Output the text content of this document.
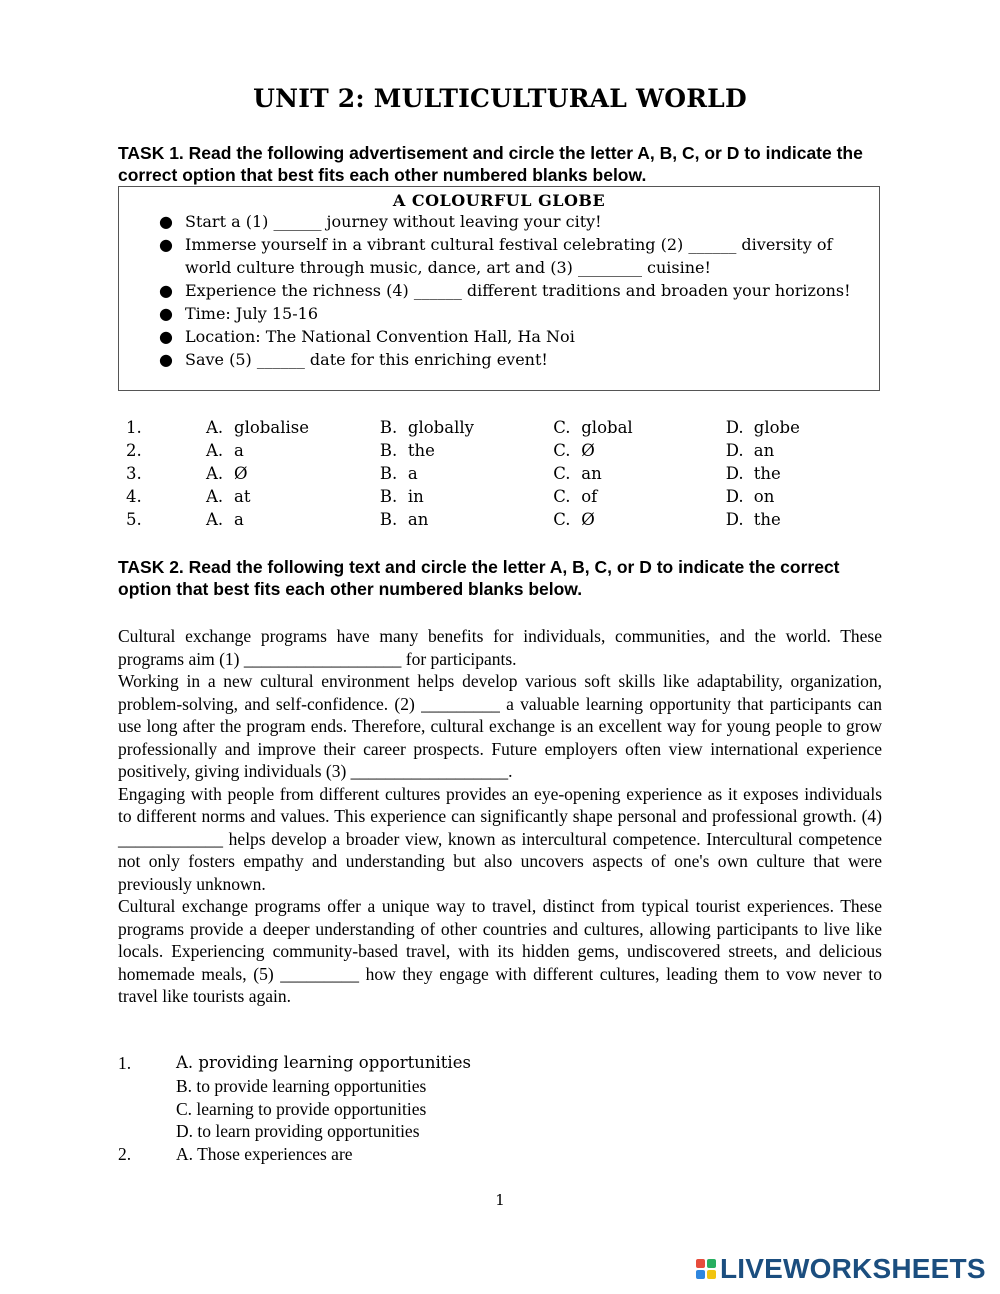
UNIT 2: MULTICULTURAL WORLD
TASK 1. Read the following advertisement and circle the letter A, B, C, or D to indicate the correct option that best fits each other numbered blanks below.
A COLOURFUL GLOBE
● Start a (1) ______ journey without leaving your city!
● Immerse yourself in a vibrant cultural festival celebrating (2) ______ diversity of world culture through music, dance, art and (3) ________ cuisine!
● Experience the richness (4) ______ different traditions and broaden your horizons!
● Time: July 15-16
● Location: The National Convention Hall, Ha Noi
● Save (5) ______ date for this enriching event!
1.	A. globalise	B. globally	C. global	D. globe
2.	A. a	B. the	C. Ø	D. an
3.	A. Ø	B. a	C. an	D. the
4.	A. at	B. in	C. of	D. on
5.	A. a	B. an	C. Ø	D. the
TASK 2. Read the following text and circle the letter A, B, C, or D to indicate the correct option that best fits each other numbered blanks below.

Cultural exchange programs have many benefits for individuals, communities, and the world. These programs aim (1) __________________ for participants.

Working in a new cultural environment helps develop various soft skills like adaptability, organization, problem-solving, and self-confidence. (2) _________ a valuable learning opportunity that participants can use long after the program ends. Therefore, cultural exchange is an excellent way for young people to grow professionally and improve their career prospects. Future employers often view international experience positively, giving individuals (3) __________________.

Engaging with people from different cultures provides an eye-opening experience as it exposes individuals to different norms and values. This experience can significantly shape personal and professional growth. (4) ____________ helps develop a broader view, known as intercultural competence. Intercultural competence not only fosters empathy and understanding but also uncovers aspects of one's own culture that were previously unknown.

Cultural exchange programs offer a unique way to travel, distinct from typical tourist experiences. These programs provide a deeper understanding of other countries and cultures, allowing participants to live like locals. Experiencing community-based travel, with its hidden gems, undiscovered streets, and delicious homemade meals, (5) _________ how they engage with different cultures, leading them to vow never to travel like tourists again.

1.	A. providing learning opportunities
B. to provide learning opportunities
C. learning to provide opportunities
D. to learn providing opportunities
2.	A. Those experiences are
1
LIVEWORKSHEETS
